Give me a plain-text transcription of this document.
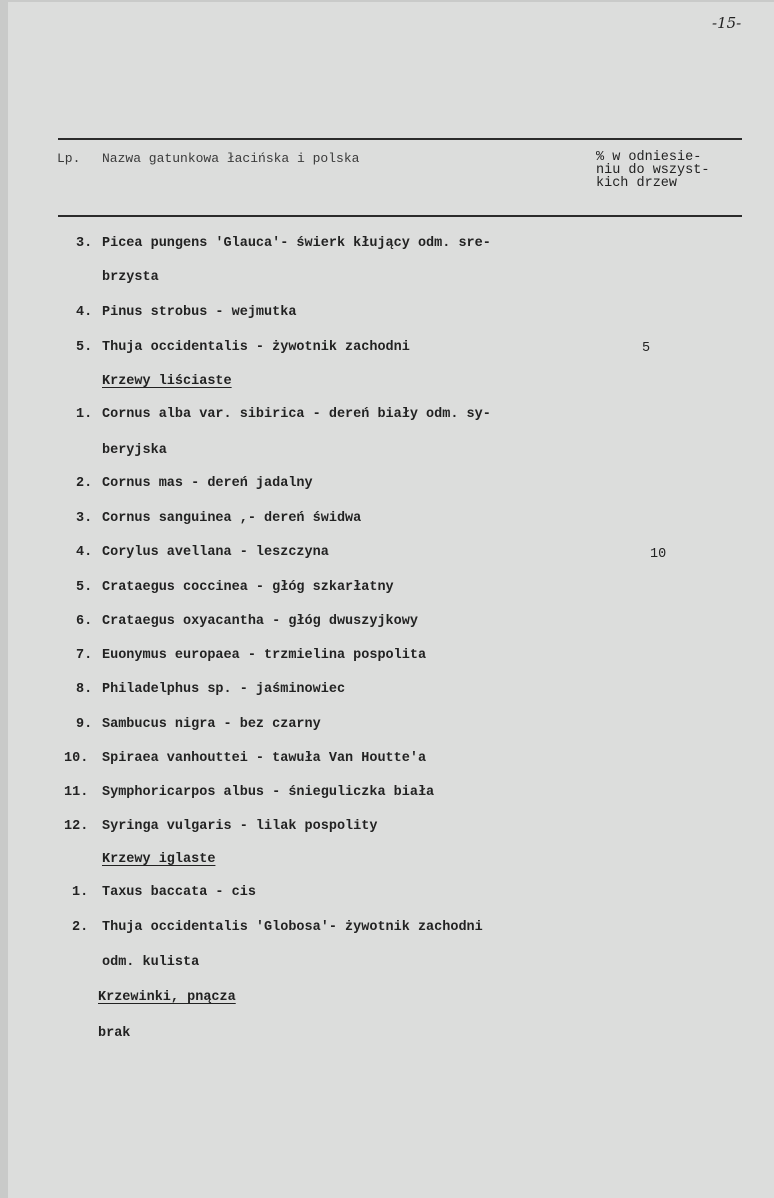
-15-
Lp. Nazwa gatunkowa łacińska i polska	% w odniesie-
niu do wszyst-
kich drzew
3. Picea pungens 'Glauca'- świerk kłujący odm. sre-
brzysta
4. Pinus strobus - wejmutka
5. Thuja occidentalis - żywotnik zachodni	5
Krzewy liściaste
1. Cornus alba var. sibirica - dereń biały odm. sy-
beryjska
2. Cornus mas - dereń jadalny
3. Cornus sanguinea ,- dereń świdwa
4. Corylus avellana - leszczyna	10
5. Crataegus coccinea - głóg szkarłatny
6. Crataegus oxyacantha - głóg dwuszyjkowy
7. Euonymus europaea - trzmielina pospolita
8. Philadelphus sp. - jaśminowiec
9. Sambucus nigra - bez czarny
10. Spiraea vanhouttei - tawuła Van Houtte'a
11. Symphoricarpos albus - śnieguliczka biała
12. Syringa vulgaris - lilak pospolity
Krzewy iglaste
1. Taxus baccata - cis
2. Thuja occidentalis 'Globosa'- żywotnik zachodni
odm. kulista
Krzewinki, pnącza
brak
